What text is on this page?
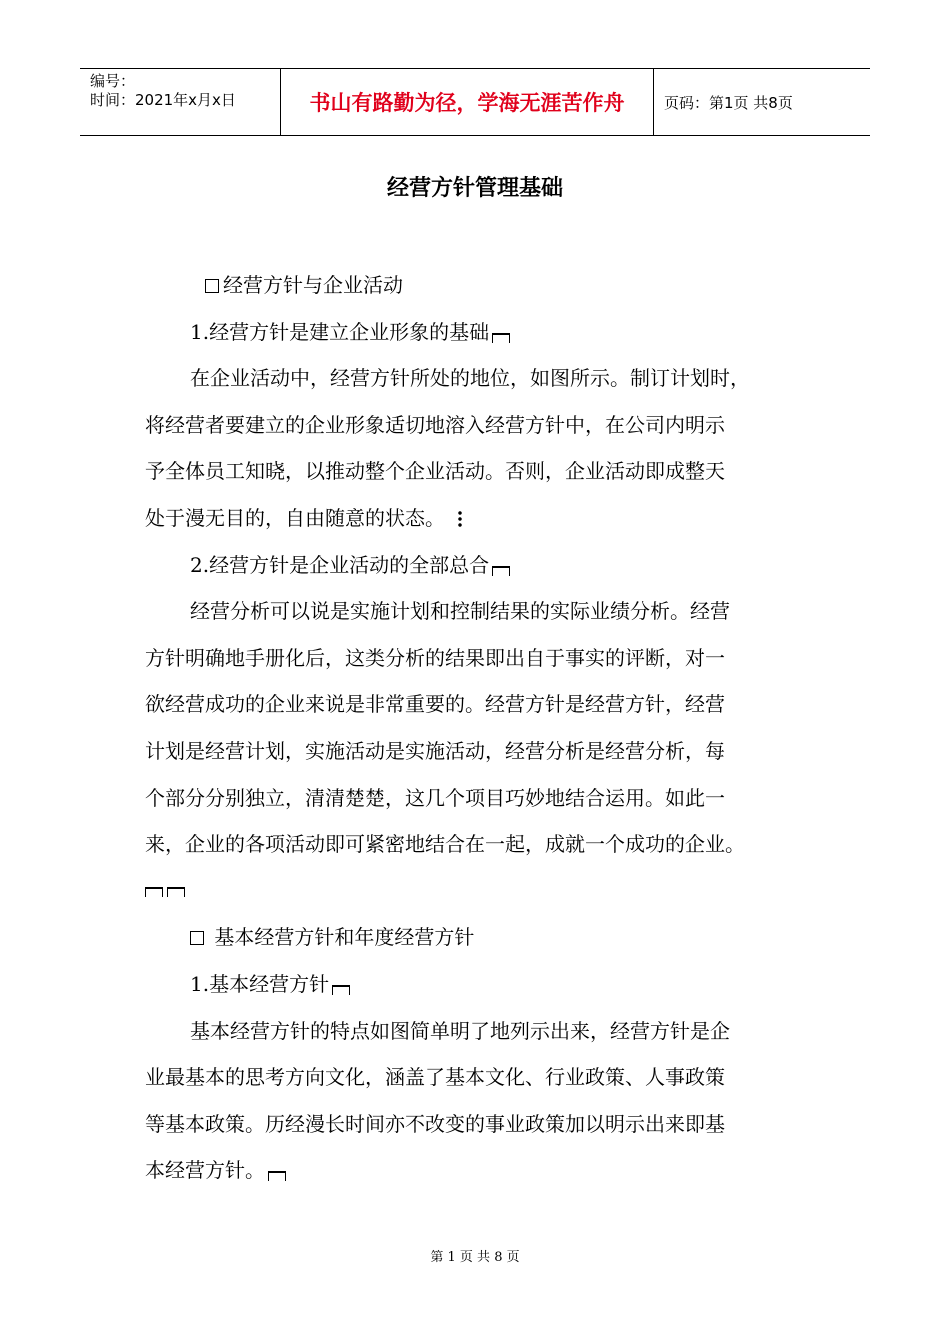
编号：
时间：2021年x月x日	书山有路勤为径，学海无涯苦作舟	页码：第1页 共8页
经营方针管理基础
经营方针与企业活动
1.经营方针是建立企业形象的基础
在企业活动中，经营方针所处的地位，如图所示。制订计划时，
将经营者要建立的企业形象适切地溶入经营方针中，在公司内明示
予全体员工知晓，以推动整个企业活动。否则，企业活动即成整天
处于漫无目的，自由随意的状态。
2.经营方针是企业活动的全部总合
经营分析可以说是实施计划和控制结果的实际业绩分析。经营
方针明确地手册化后，这类分析的结果即出自于事实的评断，对一
欲经营成功的企业来说是非常重要的。经营方针是经营方针，经营
计划是经营计划，实施活动是实施活动，经营分析是经营分析，每
个部分分别独立，清清楚楚，这几个项目巧妙地结合运用。如此一
来，企业的各项活动即可紧密地结合在一起，成就一个成功的企业。
基本经营方针和年度经营方针
1.基本经营方针
基本经营方针的特点如图简单明了地列示出来，经营方针是企
业最基本的思考方向文化，涵盖了基本文化、行业政策、人事政策
等基本政策。历经漫长时间亦不改变的事业政策加以明示出来即基
本经营方针。
第 1 页 共 8 页
